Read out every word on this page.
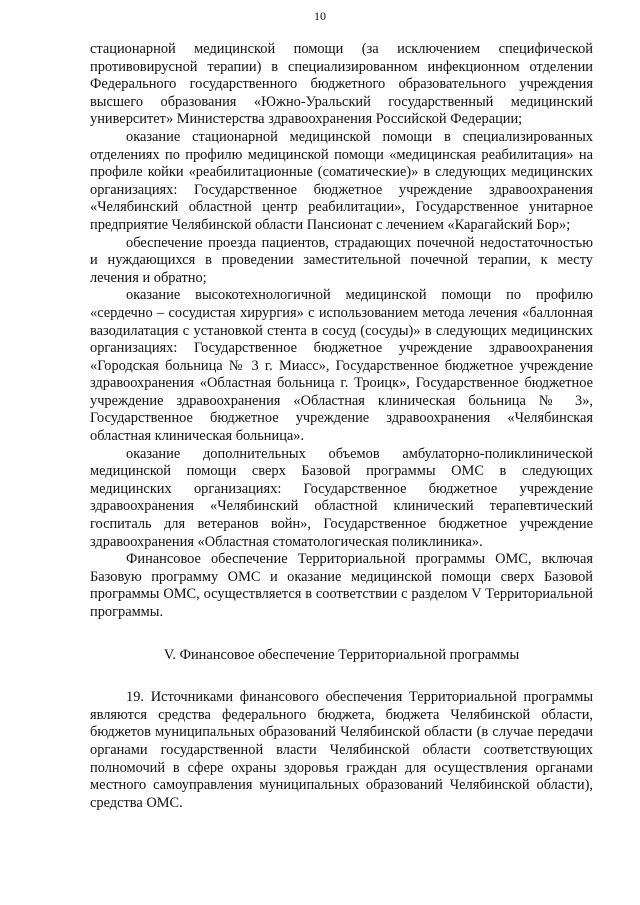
10

стационарной медицинской помощи (за исключением специфической противовирусной терапии) в специализированном инфекционном отделении Федерального государственного бюджетного образовательного учреждения высшего образования «Южно-Уральский государственный медицинский университет» Министерства здравоохранения Российской Федерации;

оказание стационарной медицинской помощи в специализированных отделениях по профилю медицинской помощи «медицинская реабилитация» на профиле койки «реабилитационные (соматические)» в следующих медицинских организациях: Государственное бюджетное учреждение здравоохранения «Челябинский областной центр реабилитации», Государственное унитарное предприятие Челябинской области Пансионат с лечением «Карагайский Бор»;

обеспечение проезда пациентов, страдающих почечной недостаточностью и нуждающихся в проведении заместительной почечной терапии, к месту лечения и обратно;

оказание высокотехнологичной медицинской помощи по профилю «сердечно – сосудистая хирургия» с использованием метода лечения «баллонная вазодилатация с установкой стента в сосуд (сосуды)» в следующих медицинских организациях: Государственное бюджетное учреждение здравоохранения «Городская больница № 3 г. Миасс», Государственное бюджетное учреждение здравоохранения «Областная больница г. Троицк», Государственное бюджетное учреждение здравоохранения «Областная клиническая больница № 3», Государственное бюджетное учреждение здравоохранения «Челябинская областная клиническая больница».

оказание дополнительных объемов амбулаторно-поликлинической медицинской помощи сверх Базовой программы ОМС в следующих медицинских организациях: Государственное бюджетное учреждение здравоохранения «Челябинский областной клинический терапевтический госпиталь для ветеранов войн», Государственное бюджетное учреждение здравоохранения «Областная стоматологическая поликлиника».

Финансовое обеспечение Территориальной программы ОМС, включая Базовую программу ОМС и оказание медицинской помощи сверх Базовой программы ОМС, осуществляется в соответствии с разделом V Территориальной программы.

V. Финансовое обеспечение Территориальной программы

19. Источниками финансового обеспечения Территориальной программы являются средства федерального бюджета, бюджета Челябинской области, бюджетов муниципальных образований Челябинской области (в случае передачи органами государственной власти Челябинской области соответствующих полномочий в сфере охраны здоровья граждан для осуществления органами местного самоуправления муниципальных образований Челябинской области), средства ОМС.
